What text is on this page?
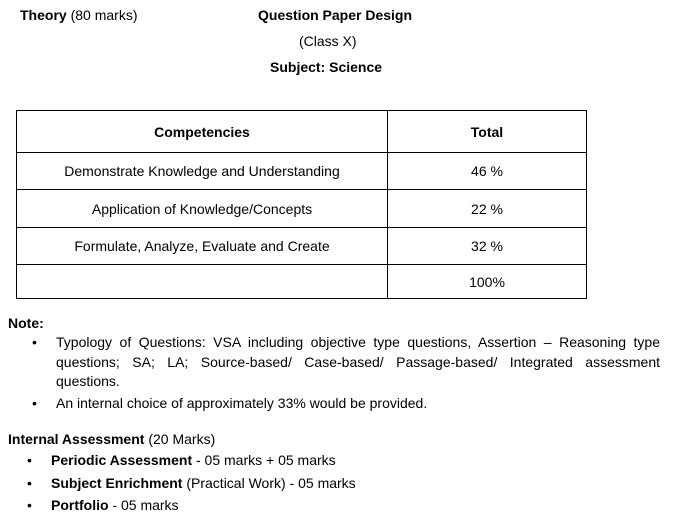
Theory (80 marks)	Question Paper Design
(Class X)
Subject: Science
Competencies	Total
Demonstrate Knowledge and Understanding	46 %
Application of Knowledge/Concepts	22 %
Formulate, Analyze, Evaluate and Create	32 %
	100%
Note:
• Typology of Questions: VSA including objective type questions, Assertion – Reasoning type questions; SA; LA; Source-based/ Case-based/ Passage-based/ Integrated assessment questions.
• An internal choice of approximately 33% would be provided.
Internal Assessment (20 Marks)
• Periodic Assessment - 05 marks + 05 marks
• Subject Enrichment (Practical Work) - 05 marks
• Portfolio - 05 marks
